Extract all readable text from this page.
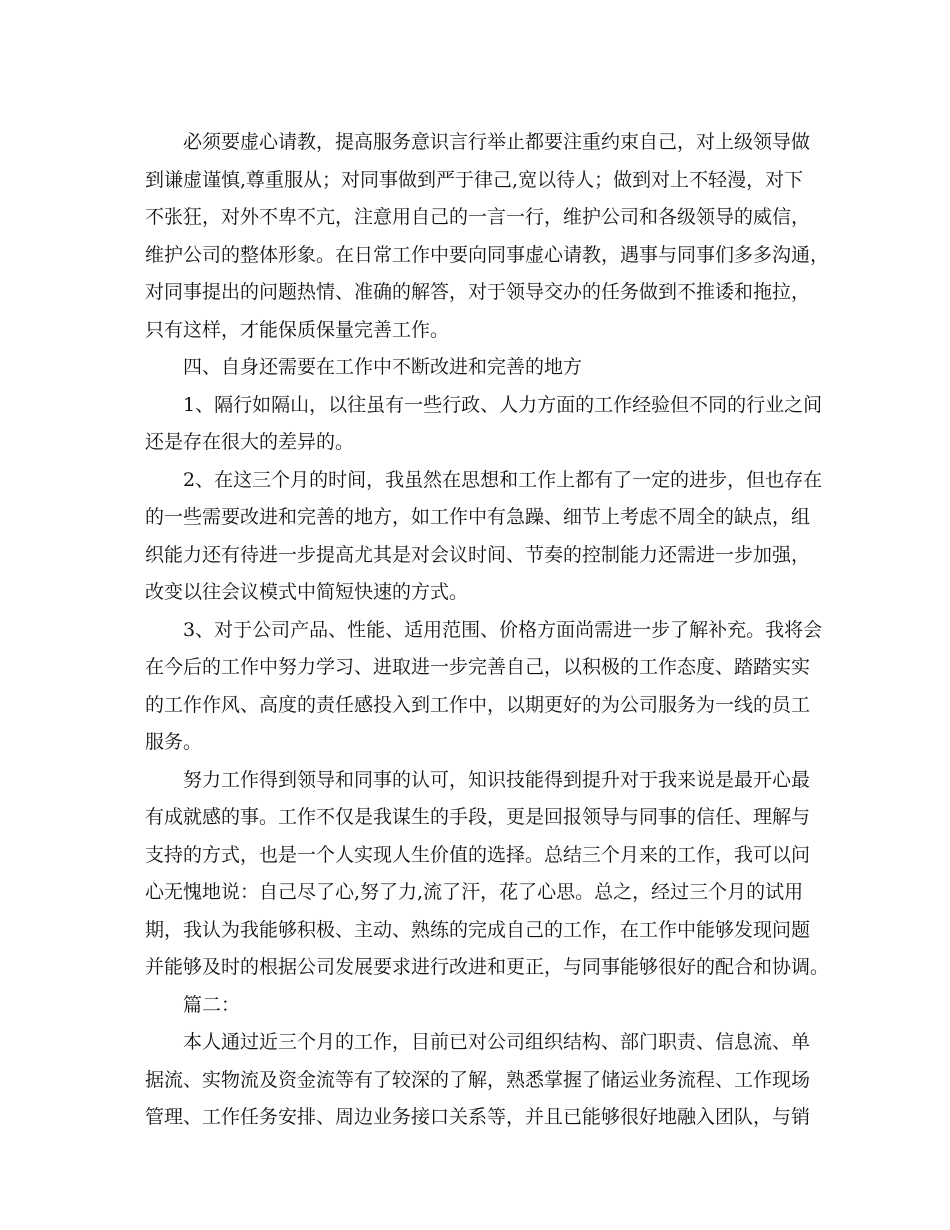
必须要虚心请教，提高服务意识言行举止都要注重约束自己，对上级领导做
到谦虚谨慎,尊重服从；对同事做到严于律己,宽以待人；做到对上不轻漫，对下
不张狂，对外不卑不亢，注意用自己的一言一行，维护公司和各级领导的威信，
维护公司的整体形象。在日常工作中要向同事虚心请教，遇事与同事们多多沟通，
对同事提出的问题热情、准确的解答，对于领导交办的任务做到不推诿和拖拉，
只有这样，才能保质保量完善工作。
四、自身还需要在工作中不断改进和完善的地方
1、隔行如隔山，以往虽有一些行政、人力方面的工作经验但不同的行业之间
还是存在很大的差异的。
2、在这三个月的时间，我虽然在思想和工作上都有了一定的进步，但也存在
的一些需要改进和完善的地方，如工作中有急躁、细节上考虑不周全的缺点，组
织能力还有待进一步提高尤其是对会议时间、节奏的控制能力还需进一步加强，
改变以往会议模式中简短快速的方式。
3、对于公司产品、性能、适用范围、价格方面尚需进一步了解补充。我将会
在今后的工作中努力学习、进取进一步完善自己，以积极的工作态度、踏踏实实
的工作作风、高度的责任感投入到工作中，以期更好的为公司服务为一线的员工
服务。
努力工作得到领导和同事的认可，知识技能得到提升对于我来说是最开心最
有成就感的事。工作不仅是我谋生的手段，更是回报领导与同事的信任、理解与
支持的方式，也是一个人实现人生价值的选择。总结三个月来的工作，我可以问
心无愧地说：自己尽了心,努了力,流了汗，花了心思。总之，经过三个月的试用
期，我认为我能够积极、主动、熟练的完成自己的工作，在工作中能够发现问题
并能够及时的根据公司发展要求进行改进和更正，与同事能够很好的配合和协调。
篇二：
本人通过近三个月的工作，目前已对公司组织结构、部门职责、信息流、单
据流、实物流及资金流等有了较深的了解，熟悉掌握了储运业务流程、工作现场
管理、工作任务安排、周边业务接口关系等，并且已能够很好地融入团队，与销
